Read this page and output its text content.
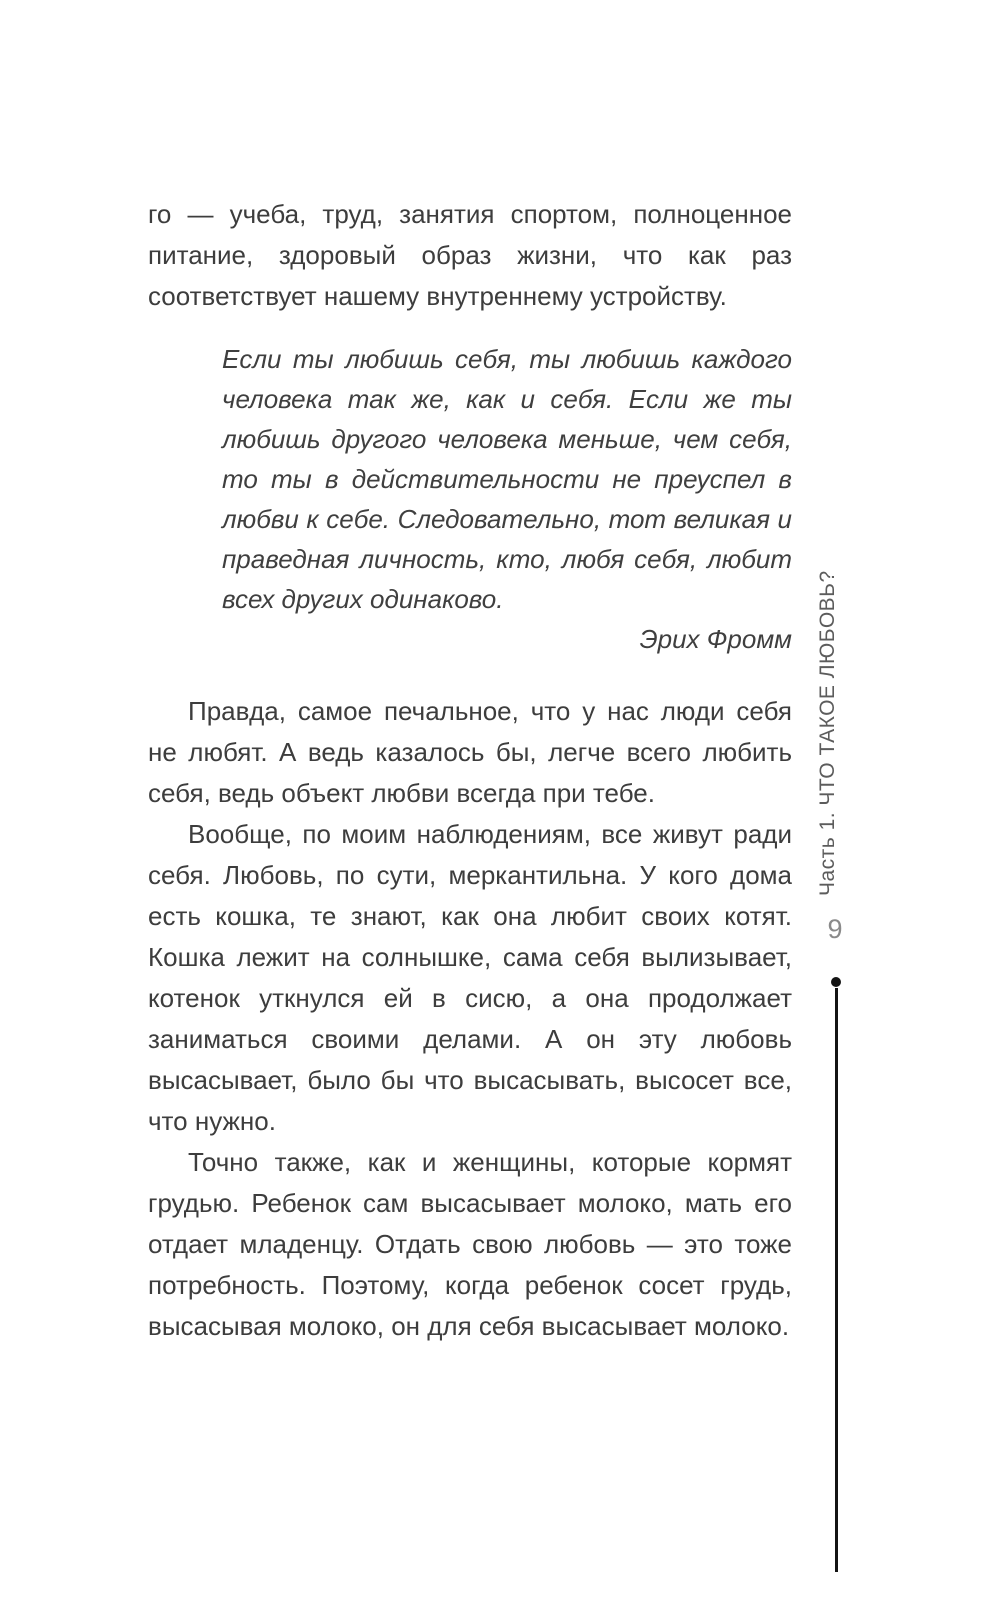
го — учеба, труд, занятия спортом, полноценное питание, здоровый образ жизни, что как раз соответствует нашему внутреннему устройству.

Если ты любишь себя, ты любишь каждого человека так же, как и себя. Если же ты любишь другого человека меньше, чем себя, то ты в действительности не преуспел в любви к себе. Следовательно, тот великая и праведная личность, кто, любя себя, любит всех других одинаково.

Эрих Фромм

Правда, самое печальное, что у нас люди себя не любят. А ведь казалось бы, легче всего любить себя, ведь объект любви всегда при тебе.

Вообще, по моим наблюдениям, все живут ради себя. Любовь, по сути, меркантильна. У кого дома есть кошка, те знают, как она любит своих котят. Кошка лежит на солнышке, сама себя вылизывает, котенок уткнулся ей в сисю, а она продолжает заниматься своими делами. А он эту любовь высасывает, было бы что высасывать, высосет все, что нужно.

Точно также, как и женщины, которые кормят грудью. Ребенок сам высасывает молоко, мать его отдает младенцу. Отдать свою любовь — это тоже потребность. Поэтому, когда ребенок сосет грудь, высасывая молоко, он для себя высасывает молоко.

Часть 1. ЧТО ТАКОЕ ЛЮБОВЬ?
9
